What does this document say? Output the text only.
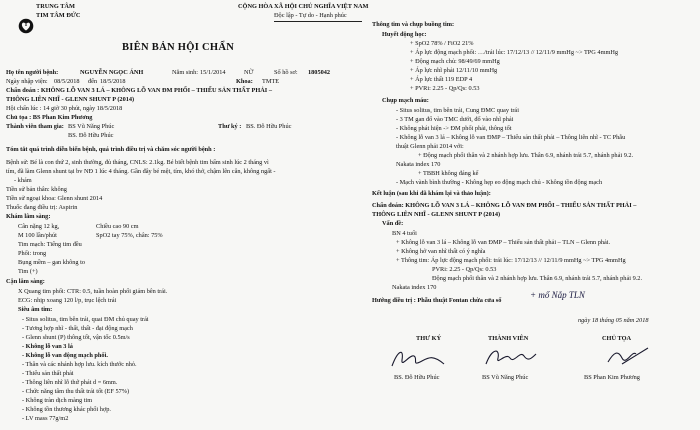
TRUNG TÂM
TIM TÂM ĐỨC
T
CỘNG HÒA XÃ HỘI CHỦ NGHĨA VIỆT NAM
Độc lập - Tự do - Hạnh phúc
BIÊN BẢN HỘI CHẨN
Họ tên người bệnh:	NGUYỄN NGỌC ÁNH	Năm sinh: 15/1/2014	NỮ	Số hồ sơ: 1805042
Ngày nhập viện: 08/5/2018 đến 18/5/2018	Khoa: TMTE
Chẩn đoán : KHÔNG LỖ VAN 3 LÁ – KHÔNG LỖ VAN ĐM PHỔI – THIỂU SẢN THẤT PHẢI –
THÔNG LIÊN NHĨ - GLENN SHUNT P (2014)
Hội chẩn lúc : 14 giờ 30 phút, ngày 18/5/2018
Chủ tọa : BS Phan Kim Phương
Thành viên tham gia: BS Vũ Năng Phúc
BS. Đỗ Hữu Phúc
Thư ký : BS. Đỗ Hữu Phúc
Tóm tắt quá trình diễn biến bệnh, quá trình điều trị và chăm sóc người bệnh :
Bệnh sử: Bé là con thứ 2, sinh thường, đủ tháng, CNLS: 2.1kg. Bé biết bệnh tim bẩm sinh lúc 2 tháng vì
tím, đã làm Glenn shunt tại bv NĐ 1 lúc 4 tháng. Gần đây bé mệt, tím, khó thở, chậm lên cân, không ngất -
- khám
Tiền sử bản thân: không
Tiền sử ngoại khoa: Glenn shunt 2014
Thuốc đang điều trị: Aspirin
Khám lâm sàng:
Cân nặng 12 kg,	Chiều cao 90 cm
M 100 lần/phút	SpO2 tay 75%, chân: 75%
Tim mạch: Tiếng tim đều
Phổi: trong
Bụng mềm – gan không to
Tim (+)
Cận lâm sàng:
X Quang tim phổi: CTR: 0.5, tuần hoàn phổi giảm bên trái.
ECG: nhịp xoang 120 l/p, trục lệch trái
Siêu âm tim:
- Situs solitus, tim bên trái, quai ĐM chủ quay trái
- Tương hợp nhĩ - thất, thất - đại động mạch
- Glenn shunt (P) thông tốt, vận tốc 0.5m/s
- Không lỗ van 3 lá
- Không lỗ van động mạch phổi.
- Thân và các nhánh hợp lưu. kích thước nhỏ.
- Thiểu sản thất phải
- Thông liên nhĩ lỗ thứ phát d = 6mm.
- Chức năng tâm thu thất trái tốt (EF 57%)
- Không tràn dịch màng tim
- Không tồn thương khác phổi hợp.
- LV mass 77g/m2
Thông tim và chụp buồng tim:
Huyết động học:
+ SpO2 78% / FiO2 21%
+ Áp lực động mạch phổi: …/trái lúc: 17/12/13 // 12/11/9 mmHg ~> TPG 4mmHg
+ Động mạch chủ: 98/49/69 mmHg
+ Áp lực nhĩ phải 12/11/10 mmHg
+ Áp lực thất 119 EDP 4
+ PVRi: 2.25 - Qp/Qs: 0.53
Chụp mạch máu:
- Situs solitus, tim bên trái, Cung ĐMC quay trái
- 3 TM gan đổ vào TMC dưới, đổ vào nhĩ phải
- Không phát hiện -> ĐM phổi phải, thông tốt
- Không lỗ van 3 lá – Không lỗ van ĐMP – Thiểu sản thất phải – Thông liên nhĩ - TC Phẫu
thuật Glenn phải 2014 với:
+ Động mạch phổi thân và 2 nhánh hợp lưu. Thân 6.9, nhánh trái 5.7, nhánh phải 9.2.
Nakata index 170
+ TBBH không đáng kể
- Mạch vành bình thường - Không hẹp eo động mạch chủ - Không tồn động mạch
Kết luận (sau khi đã khám lại và thảo luận):
Chẩn đoán: KHÔNG LỖ VAN 3 LÁ – KHÔNG LỖ VAN ĐM PHỔI – THIỂU SẢN THẤT PHẢI –
THÔNG LIÊN NHĨ - GLENN SHUNT P (2014)
Vấn đề:
BN 4 tuổi
+ Không lỗ van 3 lá – Không lỗ van ĐMP – Thiểu sản thất phải – TLN – Glenn phải.
+ Không hở van nhĩ thất có ý nghĩa
+ Thông tim: Áp lực động mạch phổi: trái lúc: 17/12/13 // 12/11/9 mmHg ~> TPG 4mmHg
PVRi: 2.25 - Qp/Qs: 0.53
Động mạch phổi thân và 2 nhánh hợp lưu. Thân 6.9, nhánh trái 5.7, nhánh phải 9.2.
Nakata index 170
Hướng điều trị : Phẫu thuật Fontan chừa cửa sổ
+ mổ Nắp TLN
ngày 18 tháng 05 năm 2018
THƯ KÝ	THÀNH VIÊN	CHỦ TỌA
BS. Đỗ Hữu Phúc	BS Vũ Năng Phúc	BS Phan Kim Phương
